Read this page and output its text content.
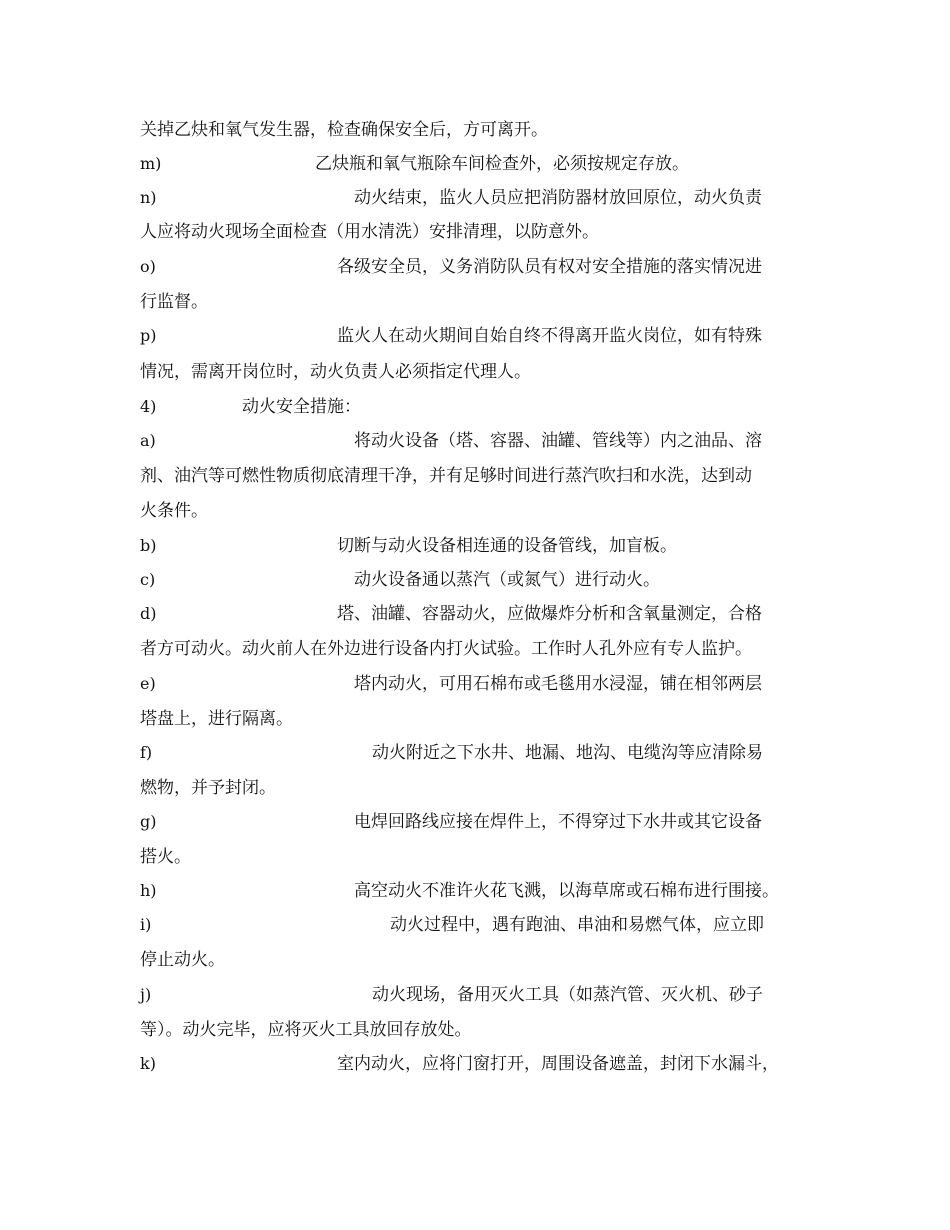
关掉乙炔和氧气发生器，检查确保安全后，方可离开。
m)	乙炔瓶和氧气瓶除车间检查外，必须按规定存放。
n)	动火结束，监火人员应把消防器材放回原位，动火负责
人应将动火现场全面检查（用水清洗）安排清理，以防意外。
o)	各级安全员，义务消防队员有权对安全措施的落实情况进
行监督。
p)	监火人在动火期间自始自终不得离开监火岗位，如有特殊
情况，需离开岗位时，动火负责人必须指定代理人。
4)	动火安全措施：
a)	将动火设备（塔、容器、油罐、管线等）内之油品、溶
剂、油汽等可燃性物质彻底清理干净，并有足够时间进行蒸汽吹扫和水洗，达到动
火条件。
b)	切断与动火设备相连通的设备管线，加盲板。
c)	动火设备通以蒸汽（或氮气）进行动火。
d)	塔、油罐、容器动火，应做爆炸分析和含氧量测定，合格
者方可动火。动火前人在外边进行设备内打火试验。工作时人孔外应有专人监护。
e)	塔内动火，可用石棉布或毛毯用水浸湿，铺在相邻两层
塔盘上，进行隔离。
f)	动火附近之下水井、地漏、地沟、电缆沟等应清除易
燃物，并予封闭。
g)	电焊回路线应接在焊件上，不得穿过下水井或其它设备
搭火。
h)	高空动火不准许火花飞溅，以海草席或石棉布进行围接。
i)	动火过程中，遇有跑油、串油和易燃气体，应立即
停止动火。
j)	动火现场，备用灭火工具（如蒸汽管、灭火机、砂子
等）。动火完毕，应将灭火工具放回存放处。
k)	室内动火，应将门窗打开，周围设备遮盖，封闭下水漏斗，
